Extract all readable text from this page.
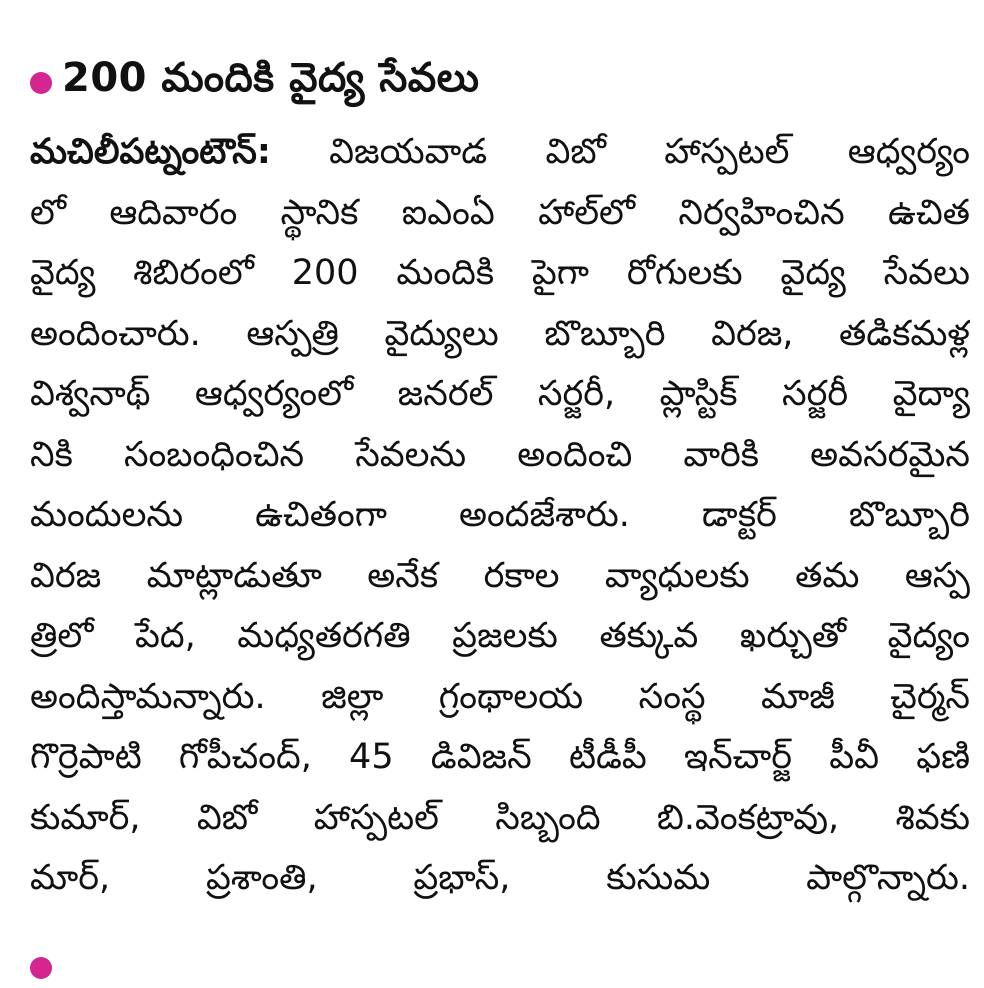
200 మందికి వైద్య సేవలు
మచిలీపట్నంటౌన్: విజయవాడ విబో హాస్పటల్ ఆధ్వర్యం
లో ఆదివారం స్థానిక ఐఎంఏ హాల్‌లో నిర్వహించిన ఉచిత
వైద్య శిబిరంలో 200 మందికి పైగా రోగులకు వైద్య సేవలు
అందించారు. ఆస్పత్రి వైద్యులు బొబ్బూరి విరజ, తడికమళ్ల
విశ్వనాథ్ ఆధ్వర్యంలో జనరల్ సర్జరీ, ప్లాస్టిక్ సర్జరీ వైద్యా
నికి సంబంధించిన సేవలను అందించి వారికి అవసరమైన
మందులను ఉచితంగా అందజేశారు. డాక్టర్ బొబ్బూరి
విరజ మాట్లాడుతూ అనేక రకాల వ్యాధులకు తమ ఆస్ప
త్రిలో పేద, మధ్యతరగతి ప్రజలకు తక్కువ ఖర్చుతో వైద్యం
అందిస్తామన్నారు. జిల్లా గ్రంథాలయ సంస్థ మాజీ చైర్మన్
గొర్రెపాటి గోపీచంద్, 45 డివిజన్ టీడీపీ ఇన్‌చార్జ్ పీవీ ఫణి
కుమార్, విబో హాస్పటల్ సిబ్బంది బి.వెంకట్రావు, శివకు
మార్, ప్రశాంతి, ప్రభాస్, కుసుమ పాల్గొన్నారు.
